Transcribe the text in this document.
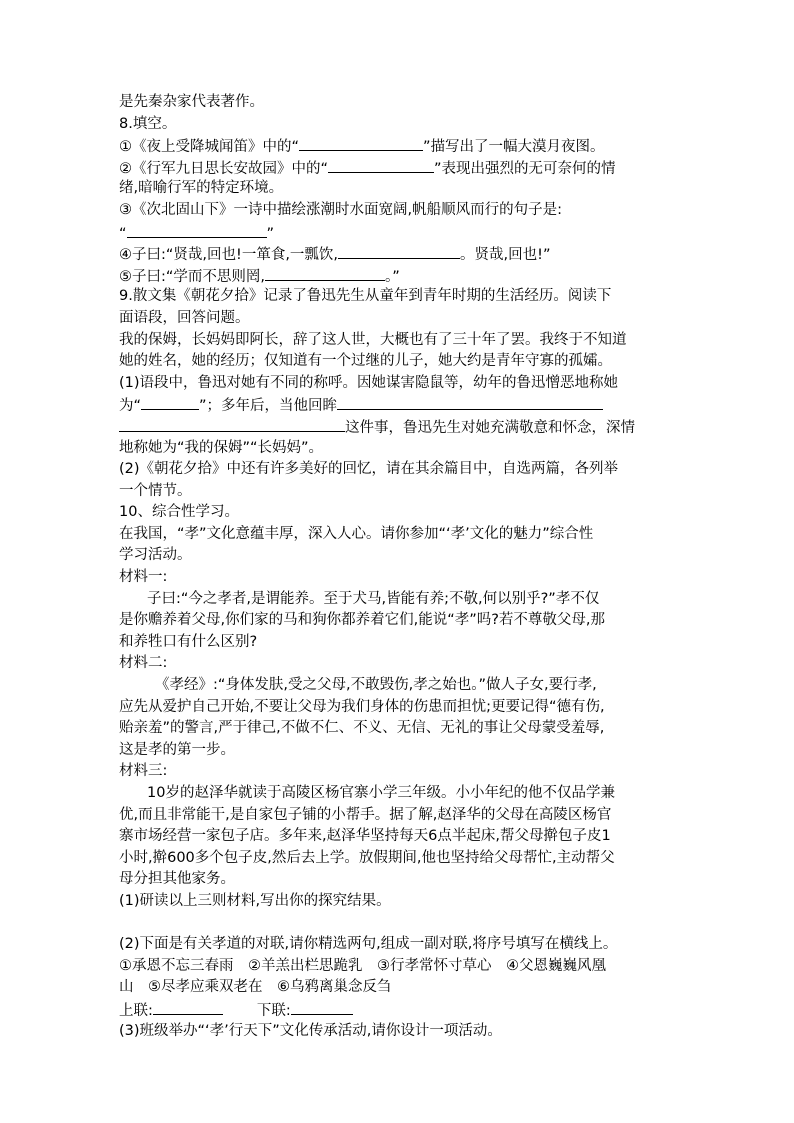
是先秦杂家代表著作。
8.填空。
①《夜上受降城闻笛》中的“	”描写出了一幅大漠月夜图。
②《行军九日思长安故园》中的“	”表现出强烈的无可奈何的情
绪,暗喻行军的特定环境。
③《次北固山下》一诗中描绘涨潮时水面宽阔,帆船顺风而行的句子是:
“	”
④子曰:“贤哉,回也!一箪食,一瓢饮,	。贤哉,回也!”
⑤子曰:“学而不思则罔,	。”
9.散文集《朝花夕拾》记录了鲁迅先生从童年到青年时期的生活经历。阅读下
面语段，回答问题。
我的保姆，长妈妈即阿长，辞了这人世，大概也有了三十年了罢。我终于不知道
她的姓名，她的经历；仅知道有一个过继的儿子，她大约是青年守寡的孤孀。
(1)语段中，鲁迅对她有不同的称呼。因她谋害隐鼠等，幼年的鲁迅憎恶地称她
为“	”；多年后，当他回眸
这件事，鲁迅先生对她充满敬意和怀念，深情
地称她为“我的保姆”“长妈妈”。
(2)《朝花夕拾》中还有许多美好的回忆，请在其余篇目中，自选两篇，各列举
一个情节。
10、综合性学习。
在我国，“孝”文化意蕴丰厚，深入人心。请你参加“‘孝’文化的魅力”综合性
学习活动。
材料一:
子曰:“今之孝者,是谓能养。至于犬马,皆能有养;不敬,何以别乎?”孝不仅
是你赡养着父母,你们家的马和狗你都养着它们,能说“孝”吗?若不尊敬父母,那
和养牲口有什么区别?
材料二:
《孝经》:“身体发肤,受之父母,不敢毁伤,孝之始也。”做人子女,要行孝,
应先从爱护自己开始,不要让父母为我们身体的伤患而担忧;更要记得“德有伤,
贻亲羞”的警言,严于律己,不做不仁、不义、无信、无礼的事让父母蒙受羞辱,
这是孝的第一步。
材料三:
10岁的赵泽华就读于高陵区杨官寨小学三年级。小小年纪的他不仅品学兼
优,而且非常能干,是自家包子铺的小帮手。据了解,赵泽华的父母在高陵区杨官
寨市场经营一家包子店。多年来,赵泽华坚持每天6点半起床,帮父母擀包子皮1
小时,擀600多个包子皮,然后去上学。放假期间,他也坚持给父母帮忙,主动帮父
母分担其他家务。
(1)研读以上三则材料,写出你的探究结果。
(2)下面是有关孝道的对联,请你精选两句,组成一副对联,将序号填写在横线上。
①承恩不忘三春雨　②羊羔出栏思跪乳　③行孝常怀寸草心　④父恩巍巍风凰
山　⑤尽孝应乘双老在　⑥乌鸦离巢念反刍
上联:	下联:
(3)班级举办“‘孝’行天下”文化传承活动,请你设计一项活动。
